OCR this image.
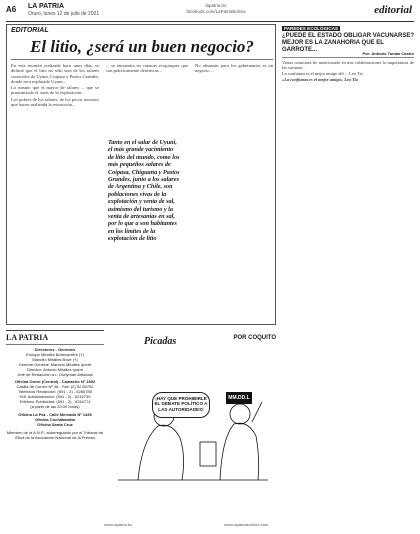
A6 LA PATRIA
Oruro, lunes 12 de julio de 2021
lapatria.bo
facebook.com/LaPatriaBolivia	editorial
EDITORIAL
El litio, ¿será un buen negocio?

En esta reunión realizada hace unos días, se definió que el litio no sólo será de los salares conocidos de Uyuni, Coipasa y Pastos Grandes, donde sera explotado Uyuni...

Lo mismo que el mayor de salares ... que se pronunciado el oasis de la explotación...

Los pobres de los salares, de los pocos recursos que hacen realizada la extracción...

... se encuentra en cuencas ecoparques que son prácticamente desérticas...

Tanto en el salar de Uyuni, el más grande yacimiento de litio del mundo, como los más pequeños salares de Coipasa, Chiguana y Pastos Grandes, junto a los salares de Argentina y Chile, son poblaciones vivas de la explotación y venta de sal, asimismo del turismo y la venta de artesanías en sal, por lo que a son habitantes en los límites de la explotación de litio

No obstante, para los gobernantes es un negocio ...

PAREDES ECOLÓGICAS
¿PUEDE EL ESTADO OBLIGAR VACUNARSE? MEJOR ES LA ZANAHORIA QUE EL GARROTE...
Por: Antonio Tomás Castro

Varias ocasiones he mencionado en mis colaboraciones la importancia de las vacunas...

La confianza es el mejor amigo del ... Leo Tio

«La confianza es el mejor amigo» Leo Tio

LA PATRIA
Directores - Gerentes
Enrique Miralles Bonecarrère (†)
Marcelo Miralles Bove (†)
Gerente General: Marcelo Miralles Iporre
Director: Antonio Miralles Iporre
Jefe de Redacción a.i.: Dorlyman Artiaccia
Oficina Oruro (Central) - Camacho Nº 1892
Casilla de Correo Nº 48 - Fax: (2) 52 80752
Teléfonos Redacción: (591 - 2) - 5280785
Telf. Administración: (591 - 2) - 5216739
Teléfono Publicidad: (591 - 2) - 5264774
(a partir de las 20:00 horas)
Oficina La Paz - Calle Mercado Nº 1435
Oficina Cochabamba
Oficina Santa Cruz
Miembro de la A.N.P., autorregulado por el Tribunal de Ética de la Asociación Nacional de la Prensa
Picadas	POR COQUITO
¡HAY QUE PROHIBIRLE EL DEBATE POLÍTICO A LAS AUTORIDADES!
MM.DD.L
www.lapatria.bo	www.lapatriaenlinea.com
